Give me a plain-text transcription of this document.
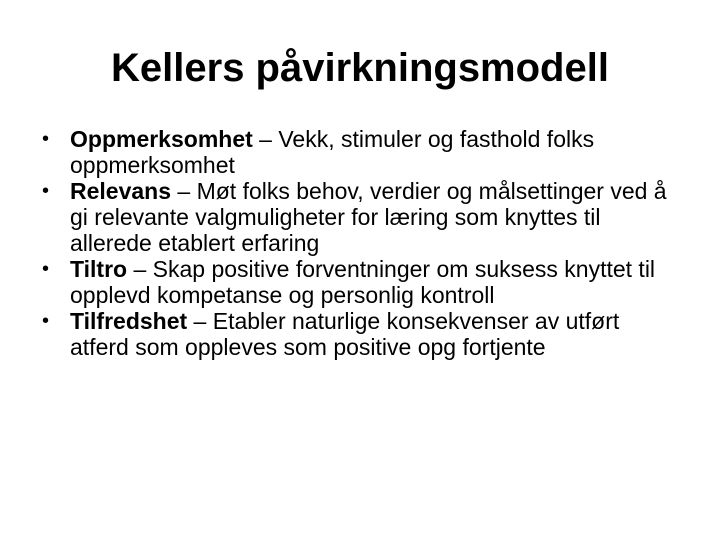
Kellers påvirkningsmodell
• Oppmerksomhet – Vekk, stimuler og fasthold folks oppmerksomhet
• Relevans – Møt folks behov, verdier og målsettinger ved å gi relevante valgmuligheter for læring som knyttes til allerede etablert erfaring
• Tiltro – Skap positive forventninger om suksess knyttet til opplevd kompetanse og personlig kontroll
• Tilfredshet – Etabler naturlige konsekvenser av utført atferd som oppleves som positive opg fortjente
